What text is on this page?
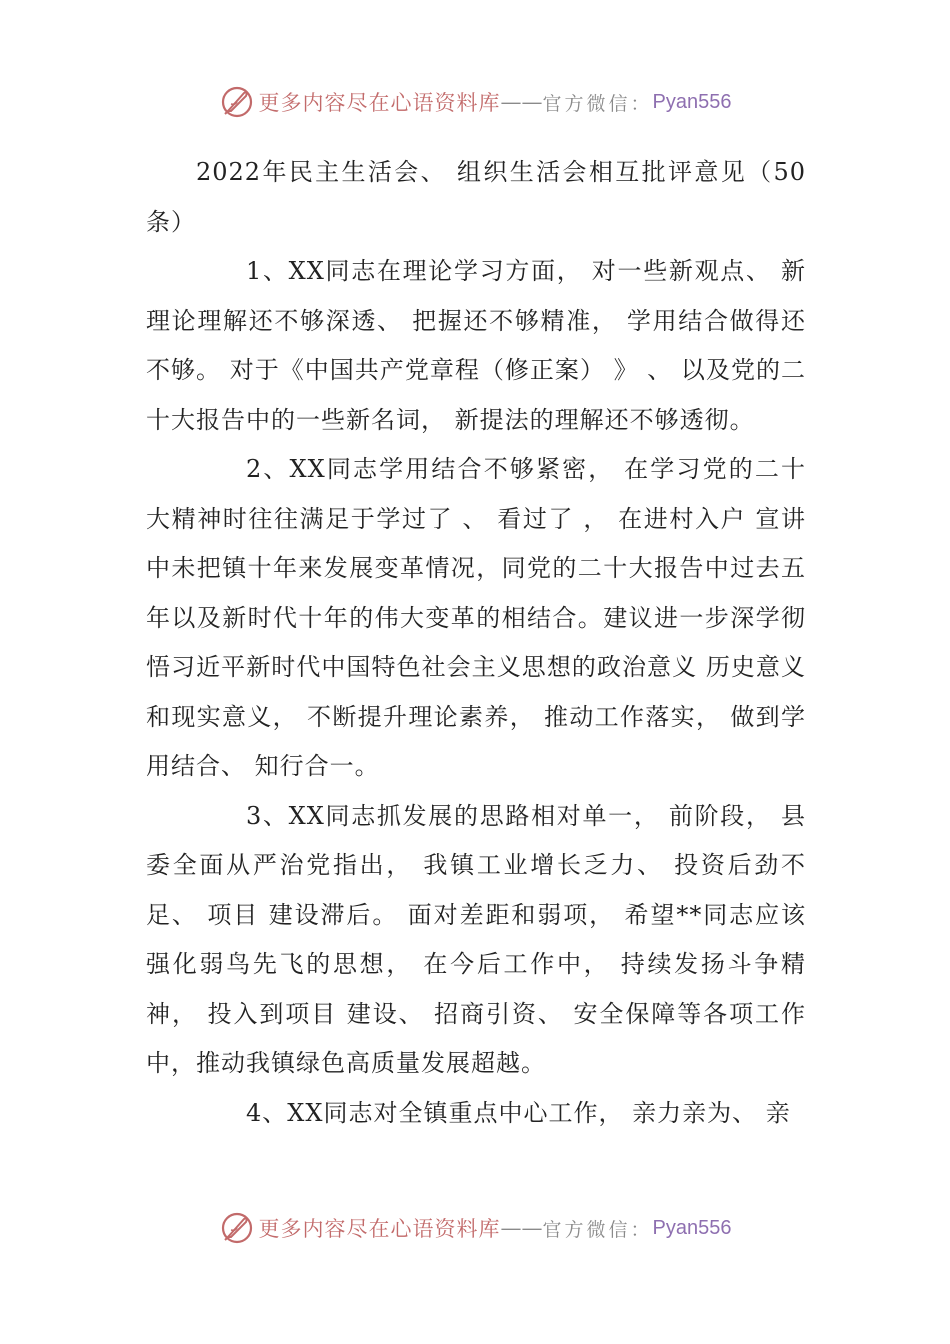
更多内容尽在心语资料库 —— 官方微信： Pyan556

2022年民主生活会、 组织生活会相互批评意见（50条）

1、XX同志在理论学习方面， 对一些新观点、 新理论理解还不够深透、 把握还不够精准， 学用结合做得还不够。 对于《中国共产党章程（修正案） 》 、 以及党的二十大报告中的一些新名词， 新提法的理解还不够透彻。

2、XX同志学用结合不够紧密， 在学习党的二十大精神时往往满足于学过了 、 看过了 ， 在进村入户 宣讲中未把镇十年来发展变革情况，同党的二十大报告中过去五年以及新时代十年的伟大变革的相结合。建议进一步深学彻悟习近平新时代中国特色社会主义思想的政治意义 历史意义和现实意义， 不断提升理论素养， 推动工作落实， 做到学用结合、 知行合一。

3、XX同志抓发展的思路相对单一， 前阶段， 县委全面从严治党指出， 我镇工业增长乏力、 投资后劲不足、 项目 建设滞后。 面对差距和弱项， 希望**同志应该强化弱鸟先飞的思想， 在今后工作中， 持续发扬斗争精神， 投入到项目 建设、 招商引资、 安全保障等各项工作中，推动我镇绿色高质量发展超越。

4、XX同志对全镇重点中心工作， 亲力亲为、 亲

更多内容尽在心语资料库 —— 官方微信： Pyan556
